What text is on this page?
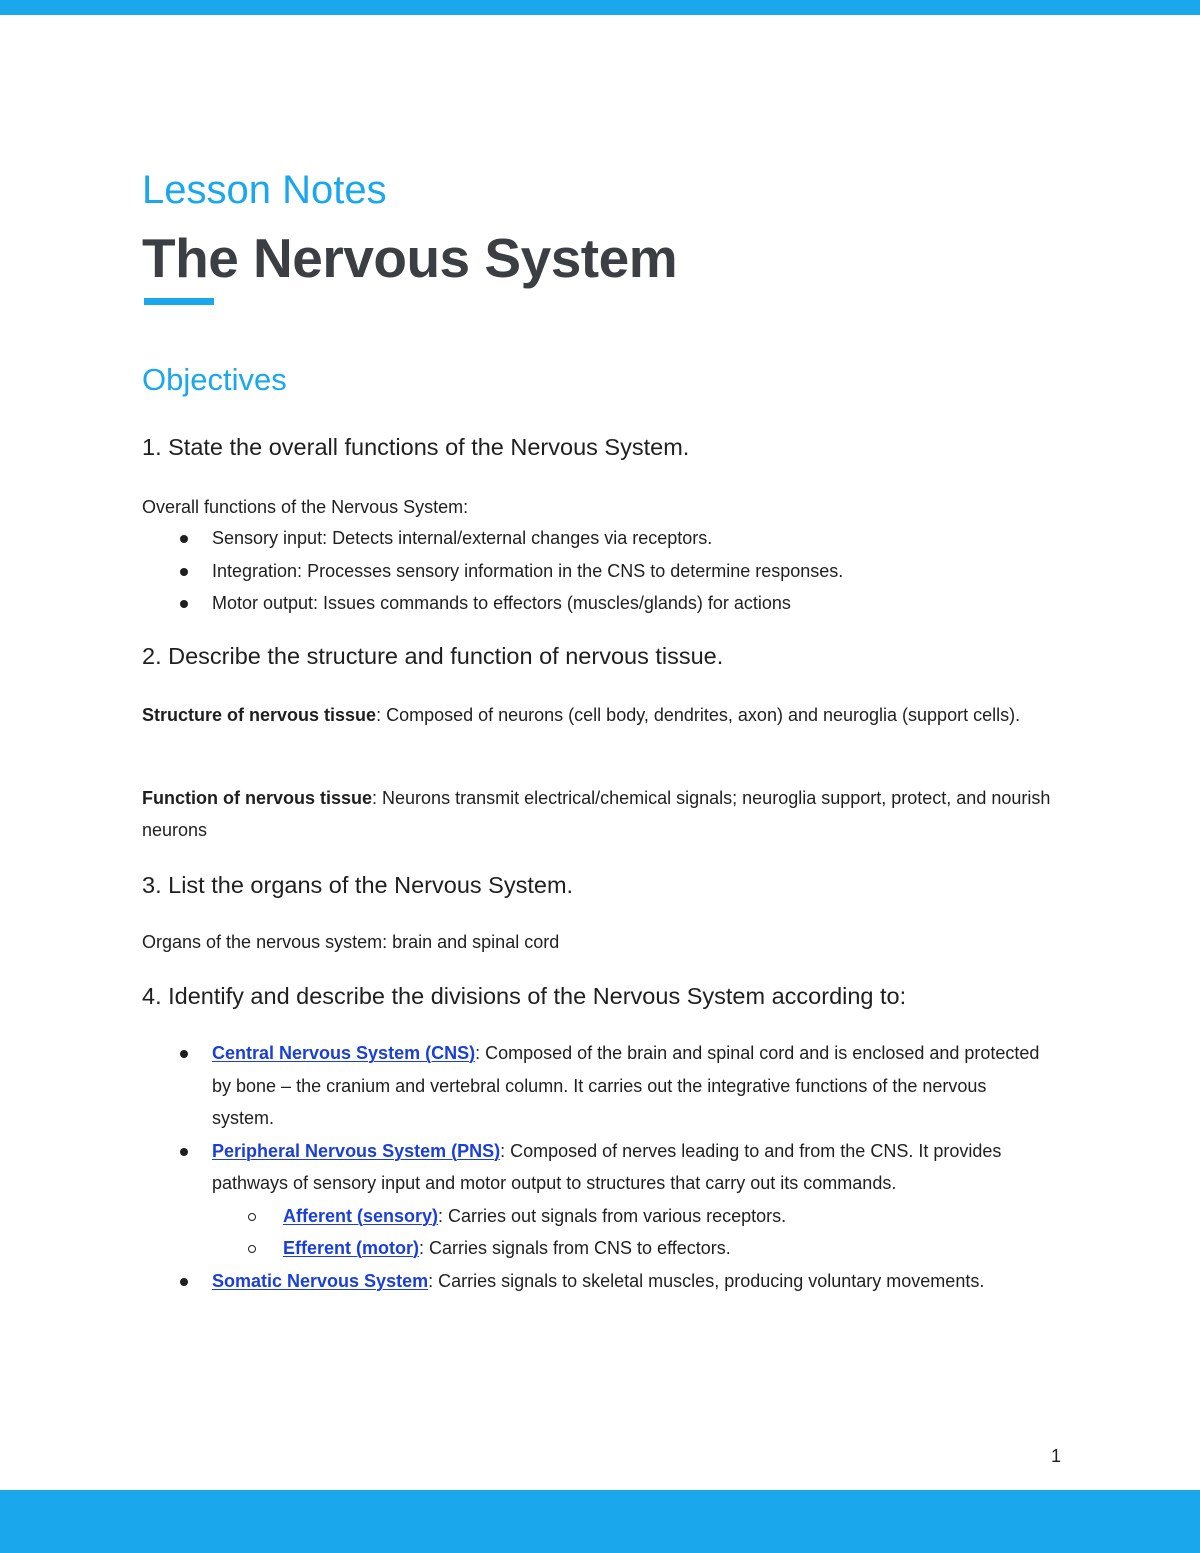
Lesson Notes
The Nervous System
Objectives
1. State the overall functions of the Nervous System.
Overall functions of the Nervous System:
Sensory input: Detects internal/external changes via receptors.
Integration: Processes sensory information in the CNS to determine responses.
Motor output: Issues commands to effectors (muscles/glands) for actions
2. Describe the structure and function of nervous tissue.
Structure of nervous tissue: Composed of neurons (cell body, dendrites, axon) and neuroglia (support cells).
Function of nervous tissue: Neurons transmit electrical/chemical signals; neuroglia support, protect, and nourish neurons
3. List the organs of the Nervous System.
Organs of the nervous system: brain and spinal cord
4. Identify and describe the divisions of the Nervous System according to:
Central Nervous System (CNS): Composed of the brain and spinal cord and is enclosed and protected by bone – the cranium and vertebral column. It carries out the integrative functions of the nervous system.
Peripheral Nervous System (PNS): Composed of nerves leading to and from the CNS. It provides pathways of sensory input and motor output to structures that carry out its commands.
Afferent (sensory): Carries out signals from various receptors.
Efferent (motor): Carries signals from CNS to effectors.
Somatic Nervous System: Carries signals to skeletal muscles, producing voluntary movements.
1
